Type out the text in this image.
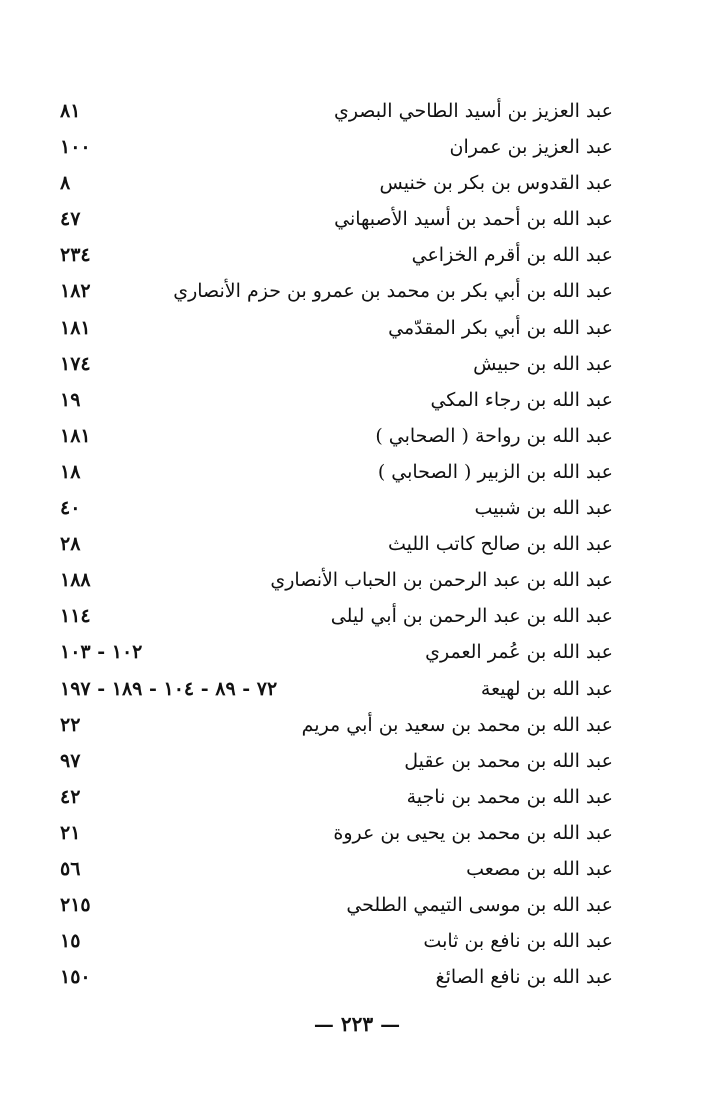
عبد العزيز بن أسيد الطاحي البصري
٨١
عبد العزيز بن عمران
١٠٠
عبد القدوس بن بكر بن خنيس
٨
عبد الله بن أحمد بن أسيد الأصبهاني
٤٧
عبد الله بن أقرم الخزاعي
٢٣٤
عبد الله بن أبي بكر بن محمد بن عمرو بن حزم الأنصاري
١٨٢
عبد الله بن أبي بكر المقدّمي
١٨١
عبد الله بن حبيش
١٧٤
عبد الله بن رجاء المكي
١٩
عبد الله بن رواحة ( الصحابي )
١٨١
عبد الله بن الزبير ( الصحابي )
١٨
عبد الله بن شبيب
٤٠
عبد الله بن صالح كاتب الليث
٢٨
عبد الله بن عبد الرحمن بن الحباب الأنصاري
١٨٨
عبد الله بن عبد الرحمن بن أبي ليلى
١١٤
عبد الله بن عُمر العمري
١٠٢ - ١٠٣
عبد الله بن لهيعة
٧٢ - ٨٩ - ١٠٤ - ١٨٩ - ١٩٧
عبد الله بن محمد بن سعيد بن أبي مريم
٢٢
عبد الله بن محمد بن عقيل
٩٧
عبد الله بن محمد بن ناجية
٤٢
عبد الله بن محمد بن يحيى بن عروة
٢١
عبد الله بن مصعب
٥٦
عبد الله بن موسى التيمي الطلحي
٢١٥
عبد الله بن نافع بن ثابت
١٥
عبد الله بن نافع الصائغ
١٥٠
— ٢٢٣ —
